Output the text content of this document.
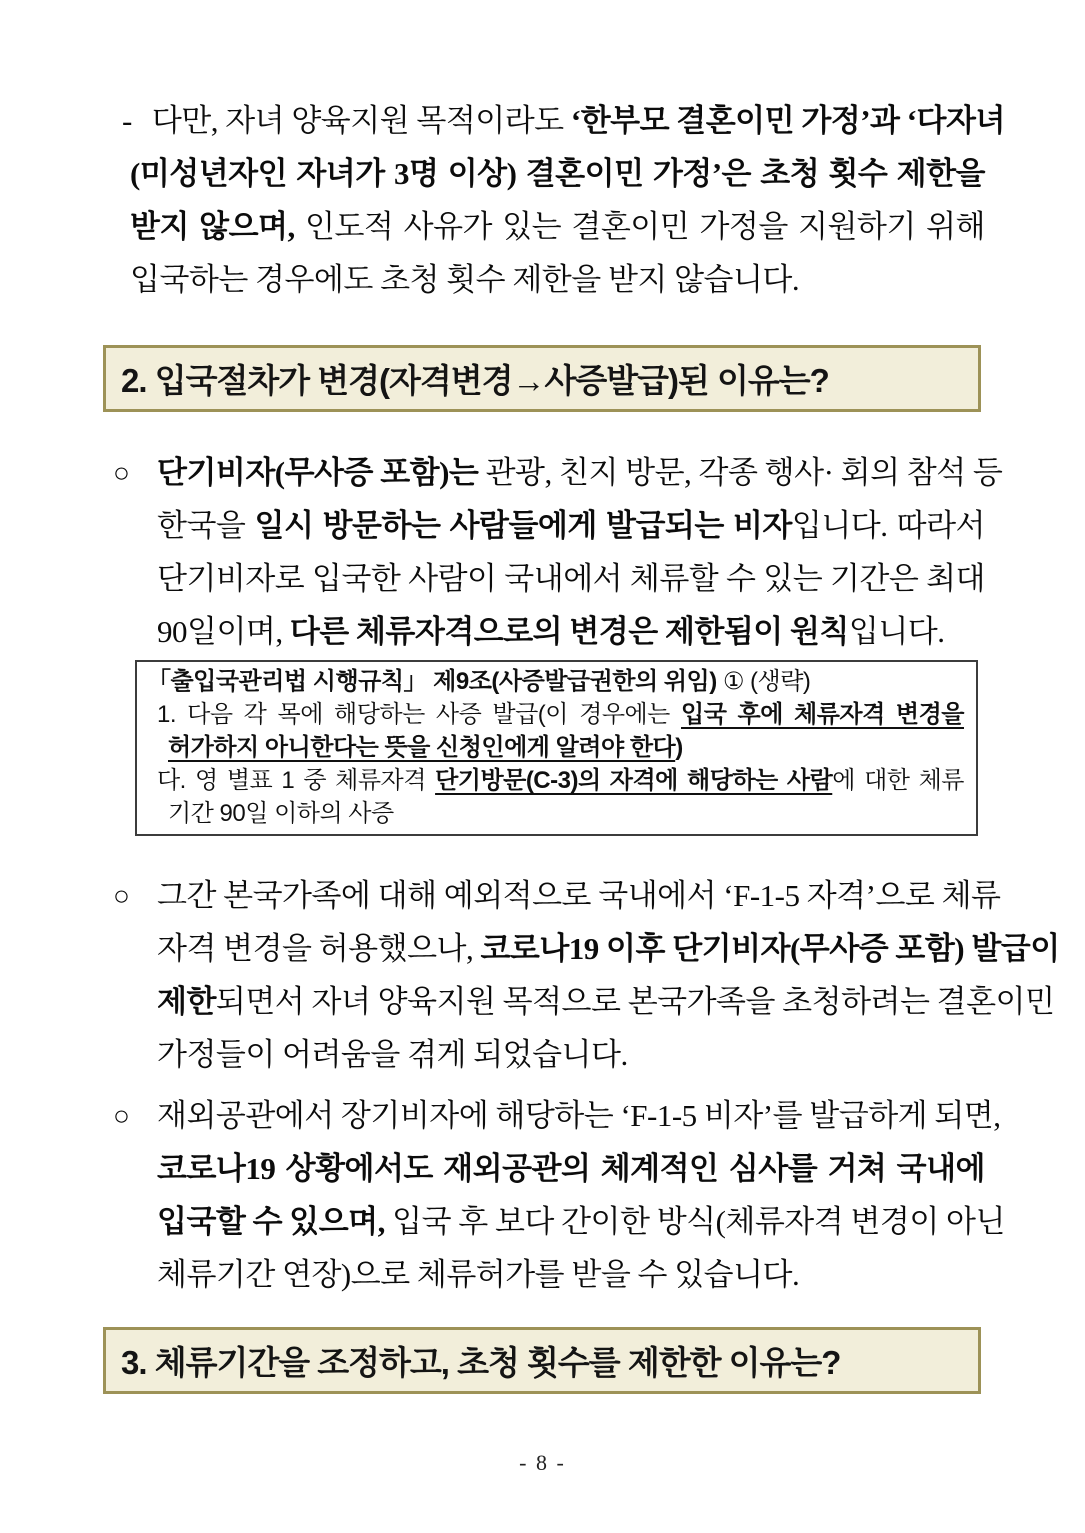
- 다만, 자녀 양육지원 목적이라도 ‘한부모 결혼이민 가정’과 ‘다자녀
(미성년자인 자녀가 3명 이상) 결혼이민 가정’은 초청 횟수 제한을
받지 않으며, 인도적 사유가 있는 결혼이민 가정을 지원하기 위해
입국하는 경우에도 초청 횟수 제한을 받지 않습니다.
2. 입국절차가 변경(자격변경→사증발급)된 이유는?
○ 단기비자(무사증 포함)는 관광, 친지 방문, 각종 행사· 회의 참석 등
한국을 일시 방문하는 사람들에게 발급되는 비자입니다. 따라서
단기비자로 입국한 사람이 국내에서 체류할 수 있는 기간은 최대
90일이며, 다른 체류자격으로의 변경은 제한됨이 원칙입니다.
「출입국관리법 시행규칙」 제9조(사증발급권한의 위임) ① (생략)
1. 다음 각 목에 해당하는 사증 발급(이 경우에는 입국 후에 체류자격 변경을
허가하지 아니한다는 뜻을 신청인에게 알려야 한다)
다. 영 별표 1 중 체류자격 단기방문(C-3)의 자격에 해당하는 사람에 대한 체류
기간 90일 이하의 사증
○ 그간 본국가족에 대해 예외적으로 국내에서 ‘F-1-5 자격’으로 체류
자격 변경을 허용했으나, 코로나19 이후 단기비자(무사증 포함) 발급이
제한되면서 자녀 양육지원 목적으로 본국가족을 초청하려는 결혼이민
가정들이 어려움을 겪게 되었습니다.
○ 재외공관에서 장기비자에 해당하는 ‘F-1-5 비자’를 발급하게 되면,
코로나19 상황에서도 재외공관의 체계적인 심사를 거쳐 국내에
입국할 수 있으며, 입국 후 보다 간이한 방식(체류자격 변경이 아닌
체류기간 연장)으로 체류허가를 받을 수 있습니다.
3. 체류기간을 조정하고, 초청 횟수를 제한한 이유는?
- 8 -
